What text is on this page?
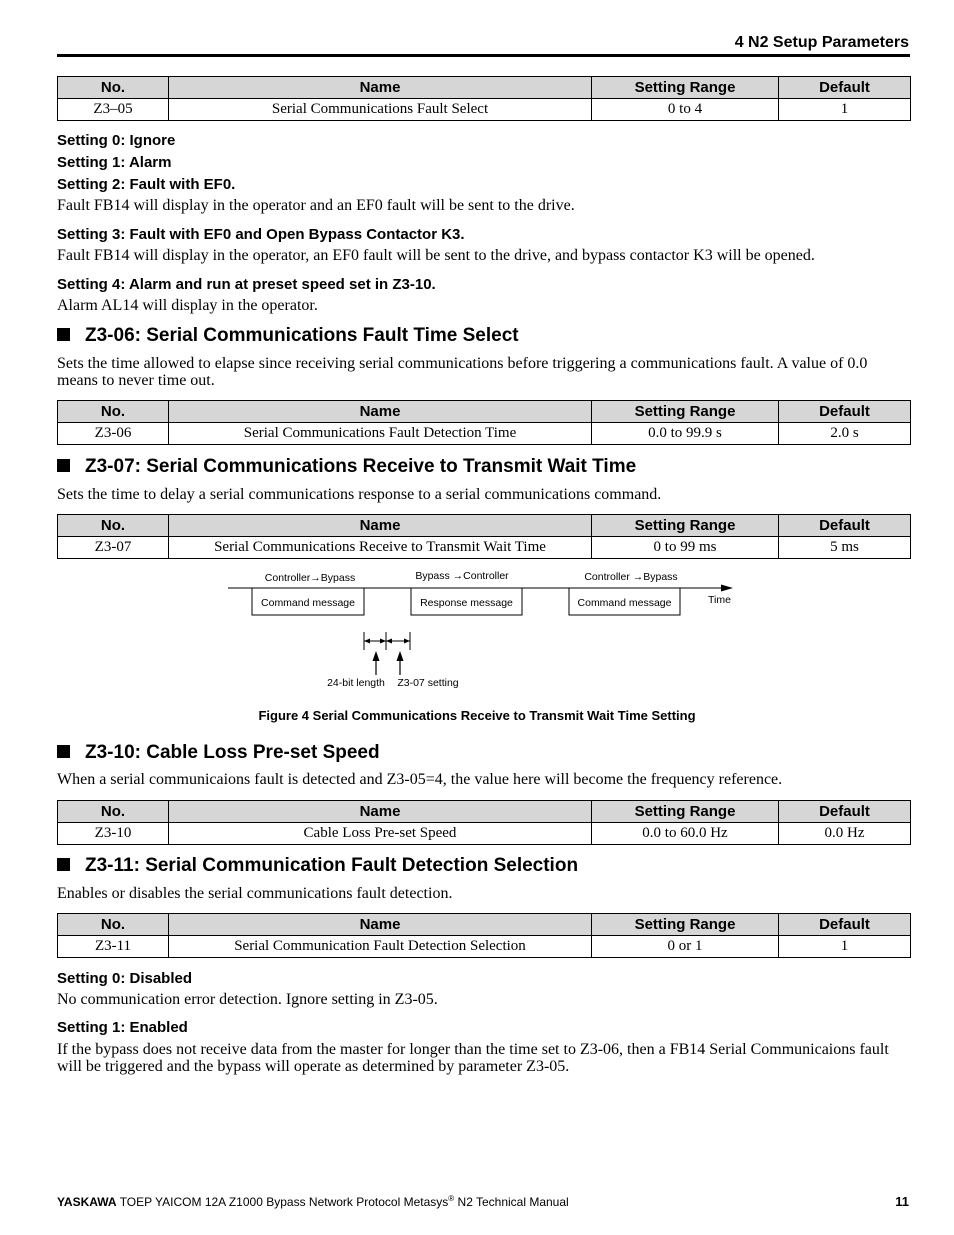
4 N2 Setup Parameters
No.	Name	Setting Range	Default
Z3–05	Serial Communications Fault Select	0 to 4	1
Setting 0: Ignore
Setting 1: Alarm
Setting 2: Fault with EF0.
Fault FB14 will display in the operator and an EF0 fault will be sent to the drive.
Setting 3: Fault with EF0 and Open Bypass Contactor K3.
Fault FB14 will display in the operator, an EF0 fault will be sent to the drive, and bypass contactor K3 will be opened.
Setting 4: Alarm and run at preset speed set in Z3-10.
Alarm AL14 will display in the operator.
Z3-06: Serial Communications Fault Time Select
Sets the time allowed to elapse since receiving serial communications before triggering a communications fault. A value of 0.0 means to never time out.
No.	Name	Setting Range	Default
Z3-06	Serial Communications Fault Detection Time	0.0 to 99.9 s	2.0 s
Z3-07: Serial Communications Receive to Transmit Wait Time
Sets the time to delay a serial communications response to a serial communications command.
No.	Name	Setting Range	Default
Z3-07	Serial Communications Receive to Transmit Wait Time	0 to 99 ms	5 ms
Controller→Bypass	Bypass →Controller	Controller →Bypass
Time
Command message	Response message	Command message
24-bit length Z3-07 setting
Figure 4 Serial Communications Receive to Transmit Wait Time Setting
Z3-10: Cable Loss Pre-set Speed
When a serial communicaions fault is detected and Z3-05=4, the value here will become the frequency reference.
No.	Name	Setting Range	Default
Z3-10	Cable Loss Pre-set Speed	0.0 to 60.0 Hz	0.0 Hz
Z3-11: Serial Communication Fault Detection Selection
Enables or disables the serial communications fault detection.
No.	Name	Setting Range	Default
Z3-11	Serial Communication Fault Detection Selection	0 or 1	1
Setting 0: Disabled
No communication error detection. Ignore setting in Z3-05.
Setting 1: Enabled
If the bypass does not receive data from the master for longer than the time set to Z3-06, then a FB14 Serial Communicaions fault will be triggered and the bypass will operate as determined by parameter Z3-05.
YASKAWA TOEP YAICOM 12A Z1000 Bypass Network Protocol Metasys® N2 Technical Manual	11
